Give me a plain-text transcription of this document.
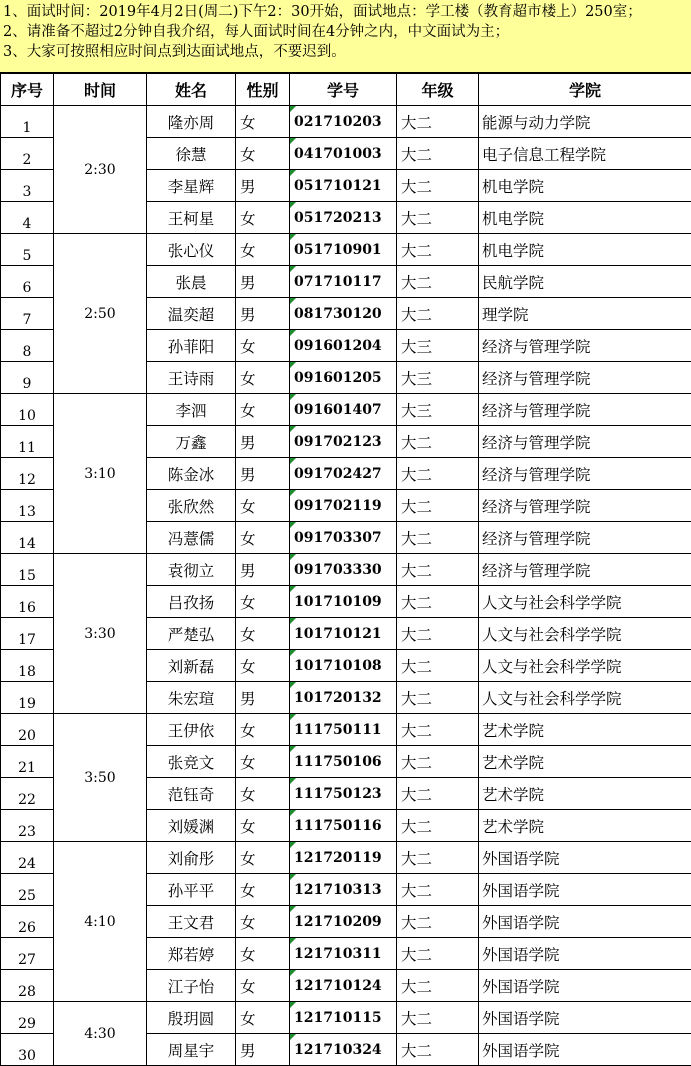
1、面试时间：2019年4月2日(周二)下午2：30开始，面试地点：学工楼（教育超市楼上）250室；
2、请准备不超过2分钟自我介绍，每人面试时间在4分钟之内，中文面试为主；
3、大家可按照相应时间点到达面试地点，不要迟到。
序号	时间	姓名	性别	学号	年级	学院
1	2:30	隆亦周	女	021710203	大二	能源与动力学院
2		徐慧	女	041701003	大二	电子信息工程学院
3		李星辉	男	051710121	大二	机电学院
4		王柯星	女	051720213	大二	机电学院
5	2:50	张心仪	女	051710901	大二	机电学院
6		张晨	男	071710117	大二	民航学院
7		温奕超	男	081730120	大二	理学院
8		孙菲阳	女	091601204	大三	经济与管理学院
9		王诗雨	女	091601205	大三	经济与管理学院
10	3:10	李泗	女	091601407	大三	经济与管理学院
11		万鑫	男	091702123	大二	经济与管理学院
12		陈金冰	男	091702427	大二	经济与管理学院
13		张欣然	女	091702119	大二	经济与管理学院
14		冯薏儒	女	091703307	大二	经济与管理学院
15	3:30	袁彻立	男	091703330	大二	经济与管理学院
16		吕孜扬	女	101710109	大二	人文与社会科学学院
17		严楚弘	女	101710121	大二	人文与社会科学学院
18		刘新磊	女	101710108	大二	人文与社会科学学院
19		朱宏瑄	男	101720132	大二	人文与社会科学学院
20	3:50	王伊依	女	111750111	大二	艺术学院
21		张竞文	女	111750106	大二	艺术学院
22		范钰奇	女	111750123	大二	艺术学院
23		刘媛渊	女	111750116	大二	艺术学院
24	4:10	刘俞彤	女	121720119	大二	外国语学院
25		孙平平	女	121710313	大二	外国语学院
26		王文君	女	121710209	大二	外国语学院
27		郑若婷	女	121710311	大二	外国语学院
28		江子怡	女	121710124	大二	外国语学院
29	4:30	殷玥圆	女	121710115	大二	外国语学院
30		周星宇	男	121710324	大二	外国语学院
